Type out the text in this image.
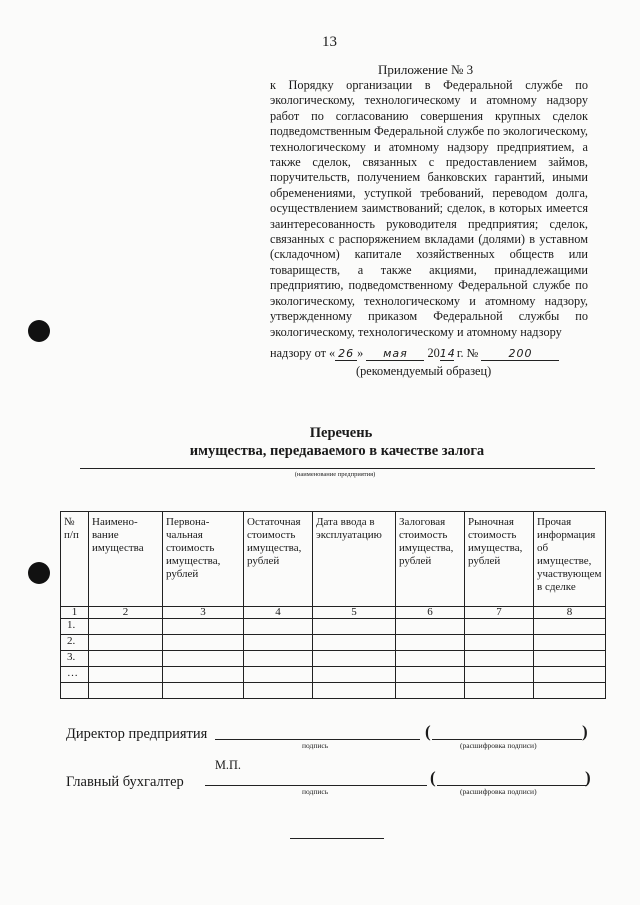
13
Приложение № 3
к Порядку организации в Федеральной службе по экологическому, технологическому и атомному надзору работ по согласованию совершения крупных сделок подведомственным Федеральной службе по экологическому, технологическому и атомному надзору предприятием, а также сделок, связанных с предоставлением займов, поручительств, получением банковских гарантий, иными обременениями, уступкой требований, переводом долга, осуществлением заимствований; сделок, в которых имеется заинтересованность руководителя предприятия; сделок, связанных с распоряжением вкладами (долями) в уставном (складочном) капитале хозяйственных обществ или товариществ, а также акциями, принадлежащими предприятию, подведомственному Федеральной службе по экологическому, технологическому и атомному надзору, утвержденному приказом Федеральной службы по экологическому, технологическому и атомному надзору
надзору от « 26 » мая 2014 г. №	200
(рекомендуемый образец)
Перечень
имущества, передаваемого в качестве залога
(наименование предприятия)
№ п/п	Наимено-вание имущества	Первона-чальная стоимость имущества, рублей	Остаточная стоимость имущества, рублей	Дата ввода в эксплуатацию	Залоговая стоимость имущества, рублей	Рыночная стоимость имущества, рублей	Прочая информация об имуществе, участвующем в сделке
1	2	3	4	5	6	7	8
1.							
2.							
3.							
…							

Директор предприятия
подпись
(	)
(расшифровка подписи)
М.П.
Главный бухгалтер
подпись
(	)
(расшифровка подписи)
